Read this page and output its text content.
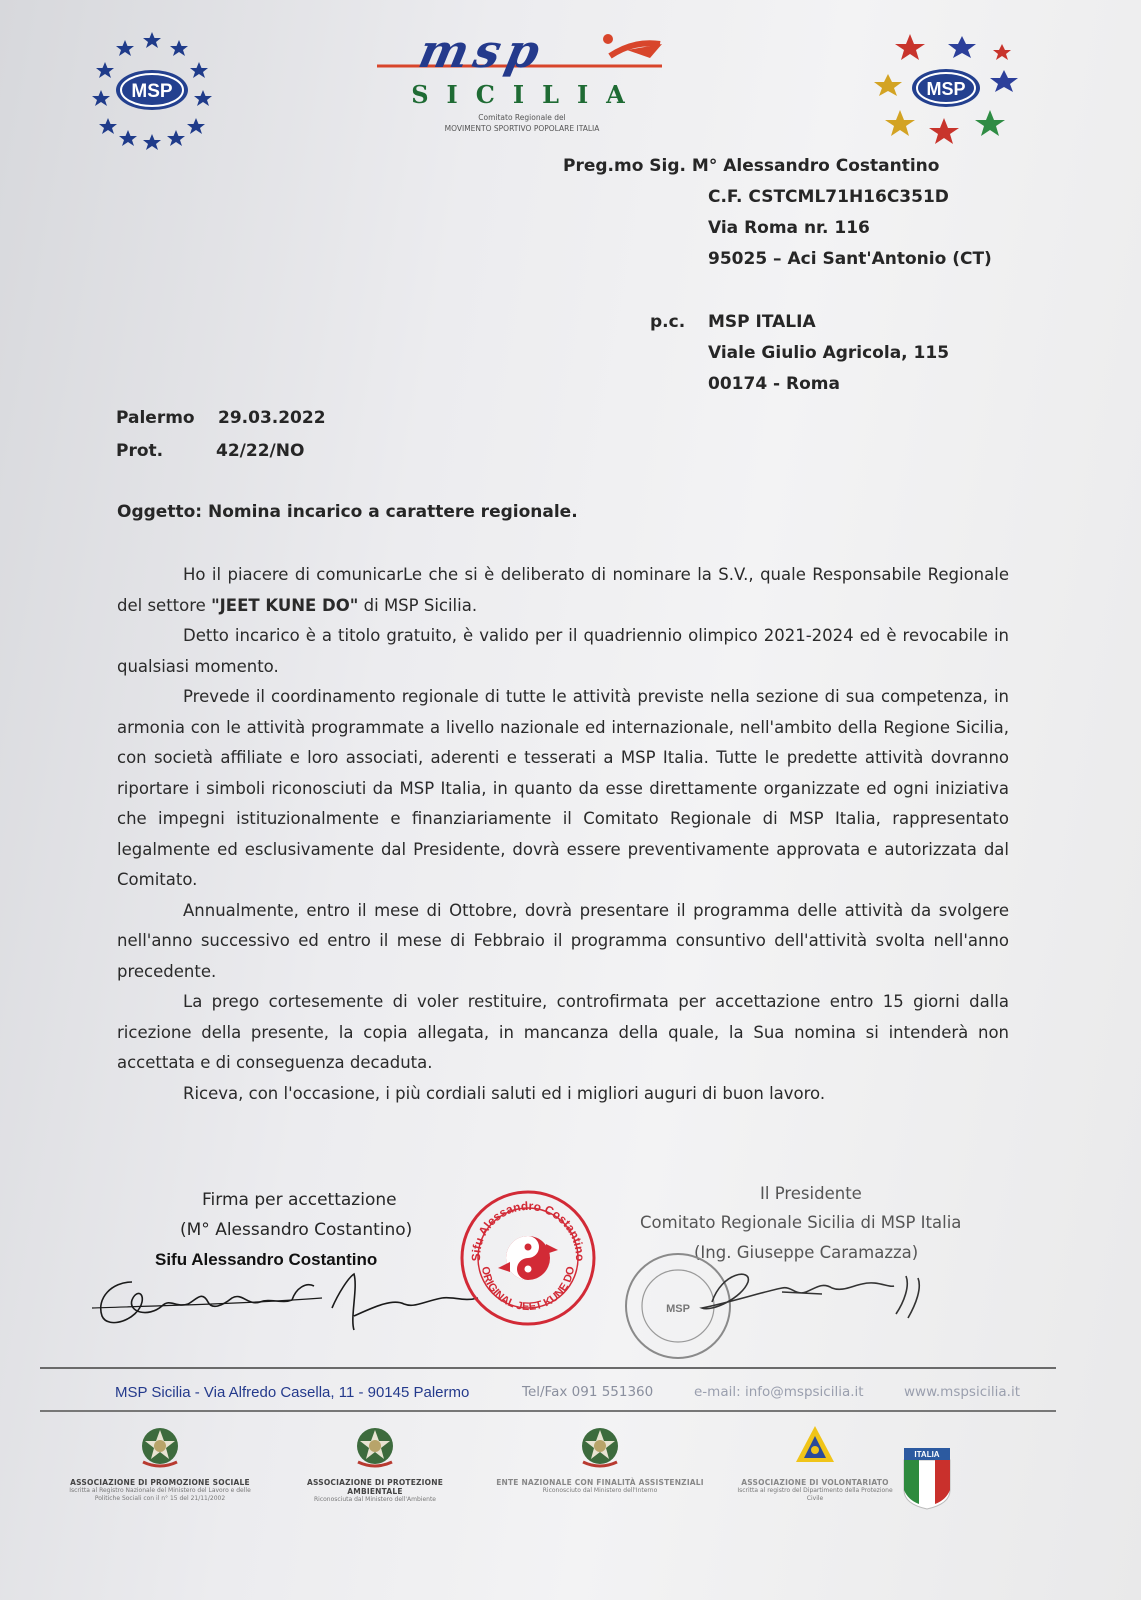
MSP
msp
SICILIA
Comitato Regionale del
MOVIMENTO SPORTIVO POPOLARE ITALIA
MSP
Preg.mo Sig. M° Alessandro Costantino
C.F. CSTCML71H16C351D
Via Roma nr. 116
95025 – Aci Sant'Antonio (CT)
p.c. MSP ITALIA
Viale Giulio Agricola, 115
00174 - Roma
Palermo 29.03.2022
Prot.	42/22/NO
Oggetto: Nomina incarico a carattere regionale.

Ho il piacere di comunicarLe che si è deliberato di nominare la S.V., quale Responsabile Regionale del settore "JEET KUNE DO" di MSP Sicilia.

Detto incarico è a titolo gratuito, è valido per il quadriennio olimpico 2021-2024 ed è revocabile in qualsiasi momento.

Prevede il coordinamento regionale di tutte le attività previste nella sezione di sua competenza, in armonia con le attività programmate a livello nazionale ed internazionale, nell'ambito della Regione Sicilia, con società affiliate e loro associati, aderenti e tesserati a MSP Italia. Tutte le predette attività dovranno riportare i simboli riconosciuti da MSP Italia, in quanto da esse direttamente organizzate ed ogni iniziativa che impegni istituzionalmente e finanziariamente il Comitato Regionale di MSP Italia, rappresentato legalmente ed esclusivamente dal Presidente, dovrà essere preventivamente approvata e autorizzata dal Comitato.

Annualmente, entro il mese di Ottobre, dovrà presentare il programma delle attività da svolgere nell'anno successivo ed entro il mese di Febbraio il programma consuntivo dell'attività svolta nell'anno precedente.

La prego cortesemente di voler restituire, controfirmata per accettazione entro 15 giorni dalla ricezione della presente, la copia allegata, in mancanza della quale, la Sua nomina si intenderà non accettata e di conseguenza decaduta.

Riceva, con l'occasione, i più cordiali saluti ed i migliori auguri di buon lavoro.

Firma per accettazione
(M° Alessandro Costantino)
Sifu Alessandro Costantino	Sifu Alessandro Costantino
ORIGINAL JEET KUNE DO
Il Presidente
Comitato Regionale Sicilia di MSP Italia
(Ing. Giuseppe Caramazza)
MSP
MSP Sicilia - Via Alfredo Casella, 11 - 90145 Palermo	Tel/Fax 091 551360	e-mail: info@mspsicilia.it	www.mspsicilia.it
ASSOCIAZIONE DI PROMOZIONE SOCIALE
Iscritta al Registro Nazionale del Ministero del Lavoro e delle Politiche Sociali con il n° 15 del 21/11/2002
ASSOCIAZIONE DI PROTEZIONE AMBIENTALE
Riconosciuta dal Ministero dell'Ambiente
ENTE NAZIONALE CON FINALITÀ ASSISTENZIALI
Riconosciuto dal Ministero dell'Interno
ASSOCIAZIONE DI VOLONTARIATO
Iscritta al registro del Dipartimento della Protezione Civile
ITALIA
